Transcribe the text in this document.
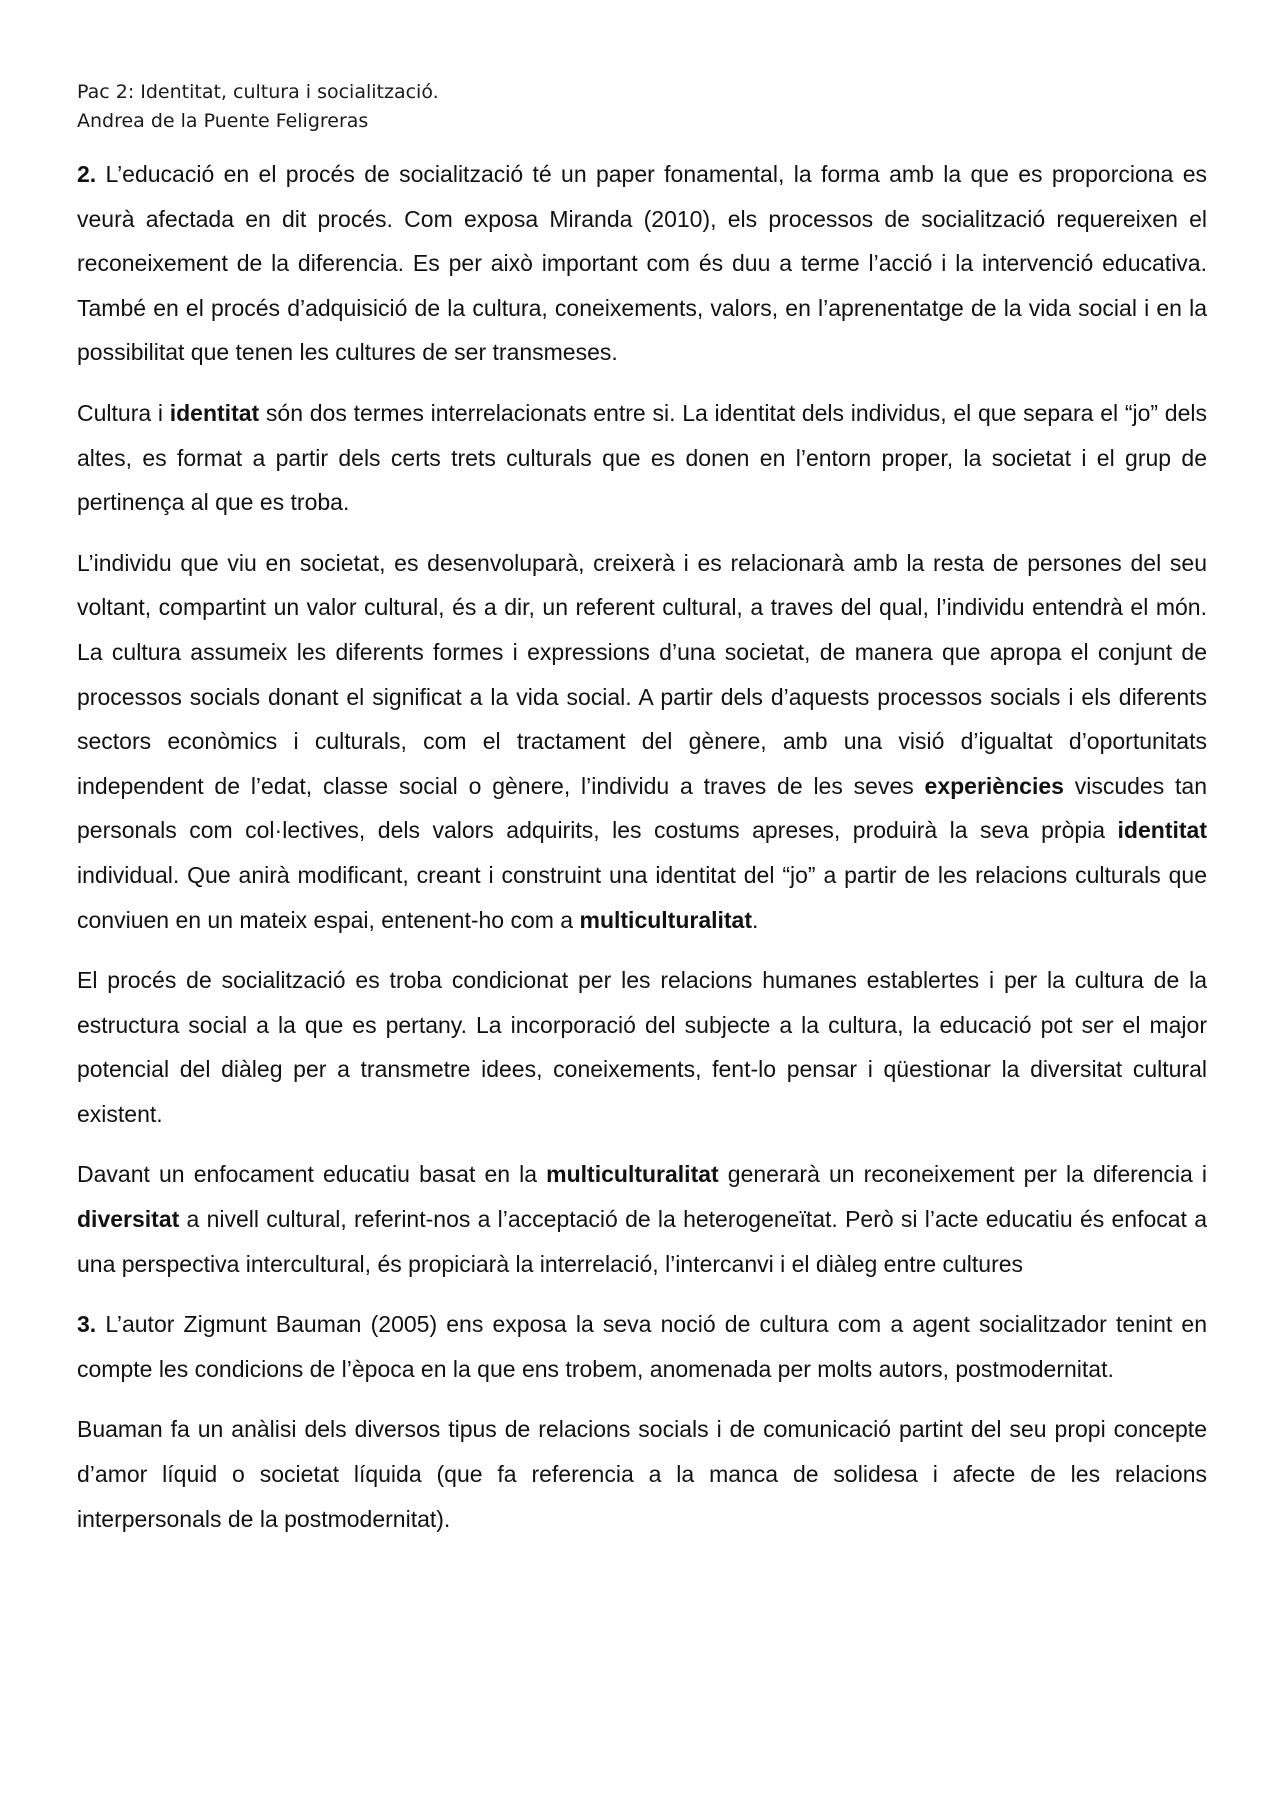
Pac 2: Identitat, cultura i socialització.
Andrea de la Puente Feligreras

2. L’educació en el procés de socialització té un paper fonamental, la forma amb la que es proporciona es veurà afectada en dit procés. Com exposa Miranda (2010), els processos de socialització requereixen el reconeixement de la diferencia. Es per això important com és duu a terme l’acció i la intervenció educativa. També en el procés d’adquisició de la cultura, coneixements, valors, en l’aprenentatge de la vida social i en la possibilitat que tenen les cultures de ser transmeses.

Cultura i identitat són dos termes interrelacionats entre si. La identitat dels individus, el que separa el “jo” dels altes, es format a partir dels certs trets culturals que es donen en l’entorn proper, la societat i el grup de pertinença al que es troba.

L’individu que viu en societat, es desenvoluparà, creixerà i es relacionarà amb la resta de persones del seu voltant, compartint un valor cultural, és a dir, un referent cultural, a traves del qual, l’individu entendrà el món. La cultura assumeix les diferents formes i expressions d’una societat, de manera que apropa el conjunt de processos socials donant el significat a la vida social. A partir dels d’aquests processos socials i els diferents sectors econòmics i culturals, com el tractament del gènere, amb una visió d’igualtat d’oportunitats independent de l’edat, classe social o gènere, l’individu a traves de les seves experiències viscudes tan personals com col·lectives, dels valors adquirits, les costums apreses, produirà la seva pròpia identitat individual. Que anirà modificant, creant i construint una identitat del “jo” a partir de les relacions culturals que conviuen en un mateix espai, entenent-ho com a multiculturalitat.

El procés de socialització es troba condicionat per les relacions humanes establertes i per la cultura de la estructura social a la que es pertany. La incorporació del subjecte a la cultura, la educació pot ser el major potencial del diàleg per a transmetre idees, coneixements, fent-lo pensar i qüestionar la diversitat cultural existent.

Davant un enfocament educatiu basat en la multiculturalitat generarà un reconeixement per la diferencia i diversitat a nivell cultural, referint-nos a l’acceptació de la heterogeneïtat. Però si l’acte educatiu és enfocat a una perspectiva intercultural, és propiciarà la interrelació, l’intercanvi i el diàleg entre cultures

3. L’autor Zigmunt Bauman (2005) ens exposa la seva noció de cultura com a agent socialitzador tenint en compte les condicions de l’època en la que ens trobem, anomenada per molts autors, postmodernitat.

Buaman fa un anàlisi dels diversos tipus de relacions socials i de comunicació partint del seu propi concepte d’amor líquid o societat líquida (que fa referencia a la manca de solidesa i afecte de les relacions interpersonals de la postmodernitat).
